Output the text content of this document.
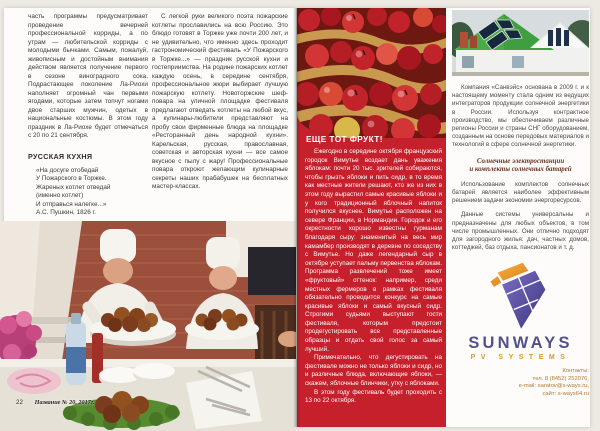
часть программы предусматривает проведение вечерней профессиональной корриды, а по утрам — любительской корриды с молодыми бычками. Самым, пожалуй, живописным и достойным внимания действом является получение первого в сезоне виноградного сока. Подрастающее поколение Ла-Риохи наполняет огромный чан первыми ягодами, которые затем топчут ногами двое старших мужчин, одетых в национальные костюмы. В этом году праздник в Ла-Риохе будет отмечаться с 20 по 21 сентября.
РУССКАЯ КУХНЯ
«На досуге отобедай
У Пожарского в Торжке.
Жареных котлет отведай
(именно котлет)
И отправься налегке...»
А.С. Пушкин, 1826 г.
С легкой руки великого поэта пожарские котлеты прославились на всю Россию. Это блюдо готовят в Торжке уже почти 200 лет, и не удивительно, что именно здесь проходит гастрономический фестиваль «У Пожарского в Торжке...» — праздник русской кухни и гостеприимства. На родине пожарских котлет каждую осень, в середине сентября, профессиональное жюри выбирает лучшую пожарскую котлету. Новоторжские шеф-повара на уличной площадке фестиваля предлагают отведать котлеты на любой вкус, а кулинары-любители представляют на пробу свои фирменные блюда на площадке «Ресторанный день народной кухни». Карельская, русская, православная, советская и авторская кухни — все самое вкусное с пылу с жару! Профессиональные повара откроют желающим кулинарные секреты наших прабабушек на бесплатных мастер-классах.
22 Название № 20, 2017г.
ЕЩЕ ТОТ ФРУКТ!

Ежегодно в середине октября французский городок Вимутье воздает дань уважения яблокам: почти 20 тыс. зрителей собираются, чтобы грызть яблоки и пить сидр, в то время как местные жители решают, кто же из них в этом году вырастил самые красивые яблоки и у кого традиционный яблочный напиток получился вкуснее. Вимутье расположен на севере Франции, в Нормандии. Городок и его окрестности хорошо известны гурманам благодаря сыру: знаменитый на весь мир камамбер производят в деревне по соседству с Вимутье. Но даже легендарный сыр в октябре уступает пальму первенства яблокам. Программа развлечений тоже имеет «фруктовый» оттенок: например, среди местных фермеров в рамках фестиваля обязательно проводится конкурс на самые красивые яблоки и самый вкусный сидр. Строгими судьями выступают гости фестиваля, которым предстоит продегустировать все представленные образцы и отдать свой голос за самый лучший.

Примечательно, что дегустировать на фестивале можно не только яблоки и сидр, но и различные блюда, включающие яблоки, — скажем, яблочные блинчики, утку с яблоками.

В этом году фестиваль будет проходить с 13 по 22 октября.

Компания «Санвэйс» основана в 2009 г. и к настоящему моменту стала одним из ведущих интеграторов продукции солнечной энергетики в России. Используя контрактное производство, мы обеспечиваем различные регионы России и страны СНГ оборудованием, созданным на основе передовых материалов и технологий в сфере солнечной энергетики.
Солнечные электростанции
и комплекты солнечных батарей
Использование комплектов солнечных батарей является наиболее эффективным решением задачи экономии энергоресурсов.
Данные системы универсальны и предназначены для любых объектов, в том числе промышленных. Они отлично подходят для загородного жилья: дач, частных домов, коттеджей, баз отдыха, пансионатов и т. д.
SUNWAYS
PV SYSTEMS
Контакты:
тел. 8 (8452) 252076,
e-mail: saratov@s-ways.ru,
сайт: s-ways64.ru
